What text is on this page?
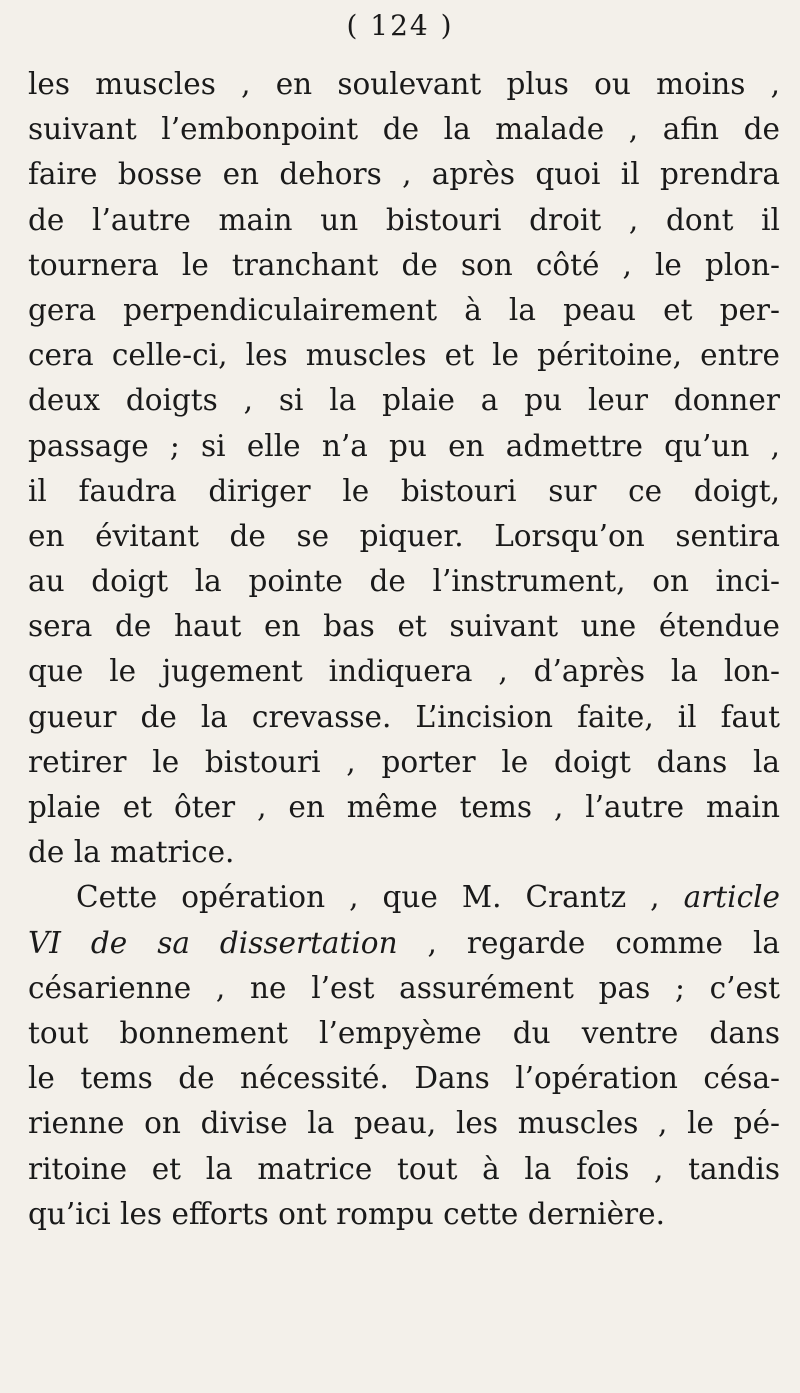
( 124 )
les muscles , en soulevant plus ou moins ,
suivant l’embonpoint de la malade , afin de
faire bosse en dehors , après quoi il prendra
de l’autre main un bistouri droit , dont il
tournera le tranchant de son côté , le plon-
gera perpendiculairement à la peau et per-
cera celle-ci, les muscles et le péritoine, entre
deux doigts , si la plaie a pu leur donner
passage ; si elle n’a pu en admettre qu’un ,
il faudra diriger le bistouri sur ce doigt,
en évitant de se piquer. Lorsqu’on sentira
au doigt la pointe de l’instrument, on inci-
sera de haut en bas et suivant une étendue
que le jugement indiquera , d’après la lon-
gueur de la crevasse. L’incision faite, il faut
retirer le bistouri , porter le doigt dans la
plaie et ôter , en même tems , l’autre main
de la matrice.
Cette opération , que M. Crantz , article
VI de sa dissertation , regarde comme la
césarienne , ne l’est assurément pas ; c’est
tout bonnement l’empyème du ventre dans
le tems de nécessité. Dans l’opération césa-
rienne on divise la peau, les muscles , le pé-
ritoine et la matrice tout à la fois , tandis
qu’ici les efforts ont rompu cette dernière.
